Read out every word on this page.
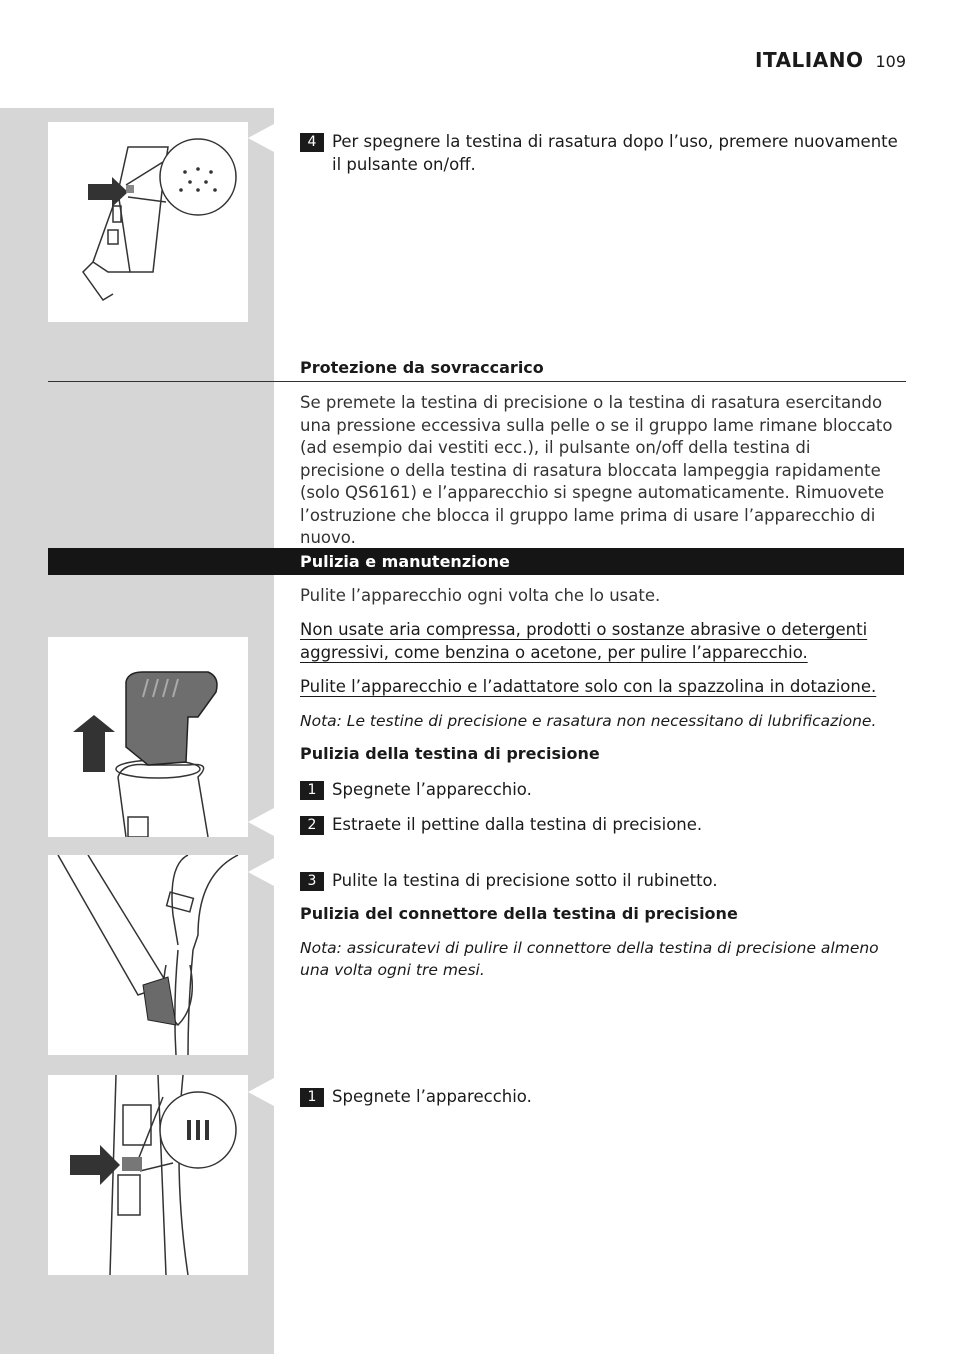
ITALIANO 109
4 Per spegnere la testina di rasatura dopo l’uso, premere nuovamente il pulsante on/off.
Protezione da sovraccarico
Se premete la testina di precisione o la testina di rasatura esercitando una pressione eccessiva sulla pelle o se il gruppo lame rimane bloccato (ad esempio dai vestiti ecc.), il pulsante on/off della testina di precisione o della testina di rasatura bloccata lampeggia rapidamente (solo QS6161) e l’apparecchio si spegne automaticamente. Rimuovete l’ostruzione che blocca il gruppo lame prima di usare l’apparecchio di nuovo.
Pulizia e manutenzione
Pulite l’apparecchio ogni volta che lo usate.
Non usate aria compressa, prodotti o sostanze abrasive o detergenti aggressivi, come benzina o acetone, per pulire l’apparecchio.
Pulite l’apparecchio e l’adattatore solo con la spazzolina in dotazione.
Nota: Le testine di precisione e rasatura non necessitano di lubrificazione.
Pulizia della testina di precisione
1 Spegnete l’apparecchio.
2 Estraete il pettine dalla testina di precisione.
3 Pulite la testina di precisione sotto il rubinetto.
Pulizia del connettore della testina di precisione
Nota: assicuratevi di pulire il connettore della testina di precisione almeno una volta ogni tre mesi.
1 Spegnete l’apparecchio.
